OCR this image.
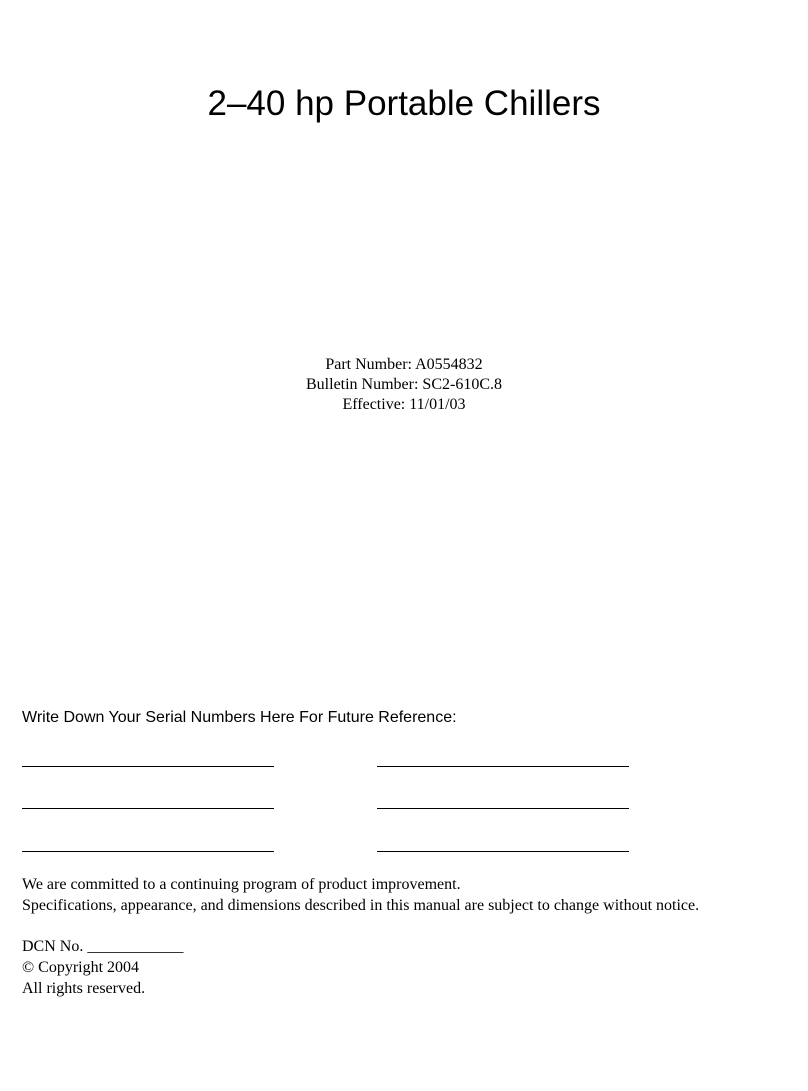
2–40 hp Portable Chillers
Part Number: A0554832
Bulletin Number: SC2-610C.8
Effective: 11/01/03
Write Down Your Serial Numbers Here For Future Reference:
We are committed to a continuing program of product improvement.
Specifications, appearance, and dimensions described in this manual are subject to change without notice.
DCN No. ____________
© Copyright 2004
All rights reserved.
